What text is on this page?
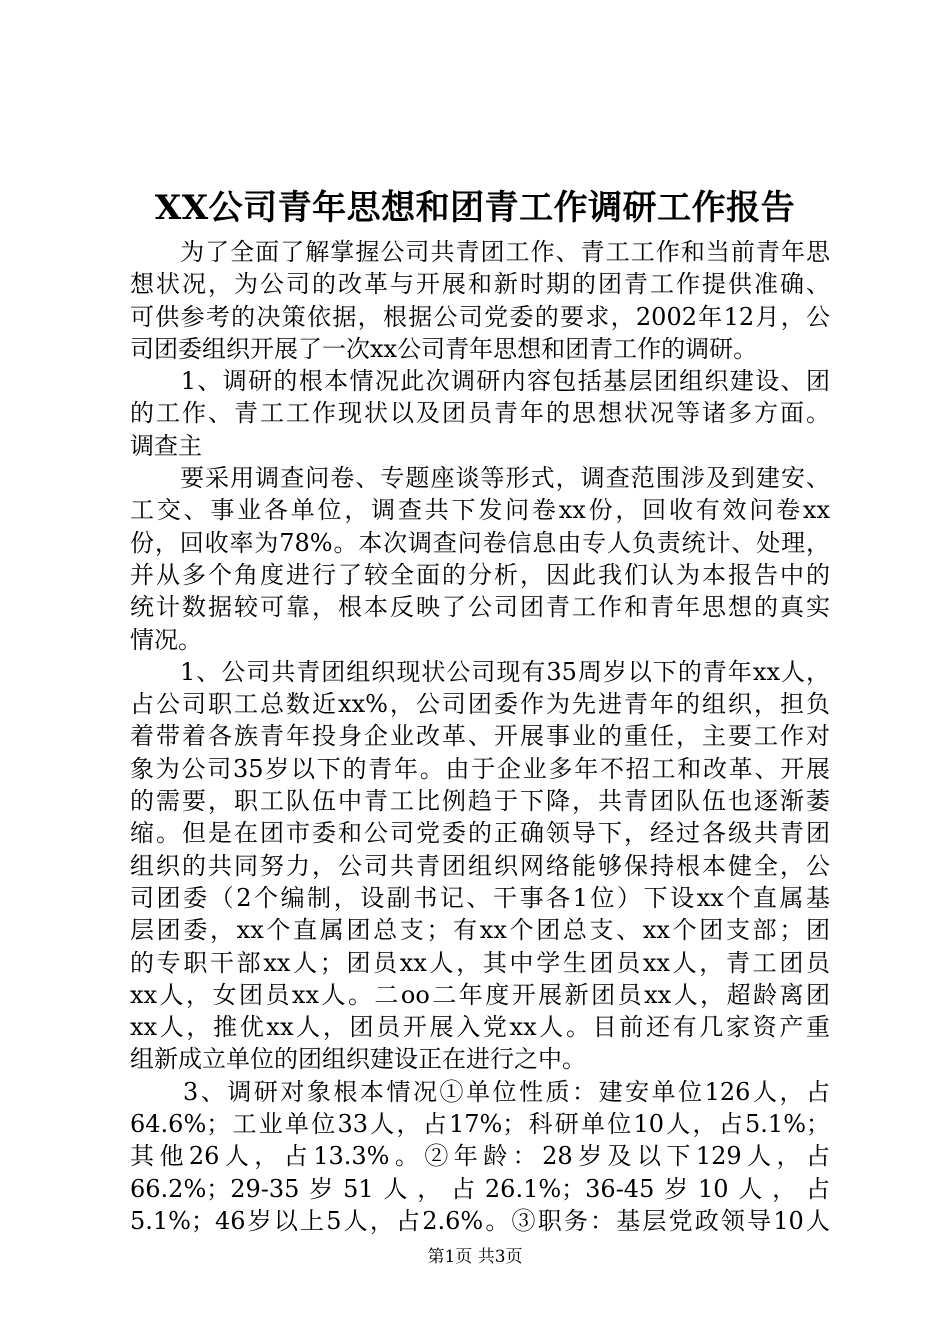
XX公司青年思想和团青工作调研工作报告
　　为了全面了解掌握公司共青团工作、青工工作和当前青年思
想状况，为公司的改革与开展和新时期的团青工作提供准确、
可供参考的决策依据，根据公司党委的要求，2002年12月，公
司团委组织开展了一次xx公司青年思想和团青工作的调研。
　　1、调研的根本情况此次调研内容包括基层团组织建设、团
的工作、青工工作现状以及团员青年的思想状况等诸多方面。
调查主
　　要采用调查问卷、专题座谈等形式，调查范围涉及到建安、
工交、事业各单位，调查共下发问卷xx份，回收有效问卷xx
份，回收率为78%。本次调查问卷信息由专人负责统计、处理，
并从多个角度进行了较全面的分析，因此我们认为本报告中的
统计数据较可靠，根本反映了公司团青工作和青年思想的真实
情况。
　　1、公司共青团组织现状公司现有35周岁以下的青年xx人，
占公司职工总数近xx%，公司团委作为先进青年的组织，担负
着带着各族青年投身企业改革、开展事业的重任，主要工作对
象为公司35岁以下的青年。由于企业多年不招工和改革、开展
的需要，职工队伍中青工比例趋于下降，共青团队伍也逐渐萎
缩。但是在团市委和公司党委的正确领导下，经过各级共青团
组织的共同努力，公司共青团组织网络能够保持根本健全，公
司团委（2个编制，设副书记、干事各1位）下设xx个直属基
层团委，xx个直属团总支；有xx个团总支、xx个团支部；团
的专职干部xx人；团员xx人，其中学生团员xx人，青工团员
xx人，女团员xx人。二oo二年度开展新团员xx人，超龄离团
xx人，推优xx人，团员开展入党xx人。目前还有几家资产重
组新成立单位的团组织建设正在进行之中。
　　3、调研对象根本情况①单位性质：建安单位126人，占
64.6%；工业单位33人，占17%；科研单位10人，占5.1%；
其他26人，占13.3%。②年龄：28岁及以下129人，占
66.2%；29-35岁51人，占26.1%；36-45岁10人，占
5.1%；46岁以上5人，占2.6%。③职务：基层党政领导10人
第1页 共3页
